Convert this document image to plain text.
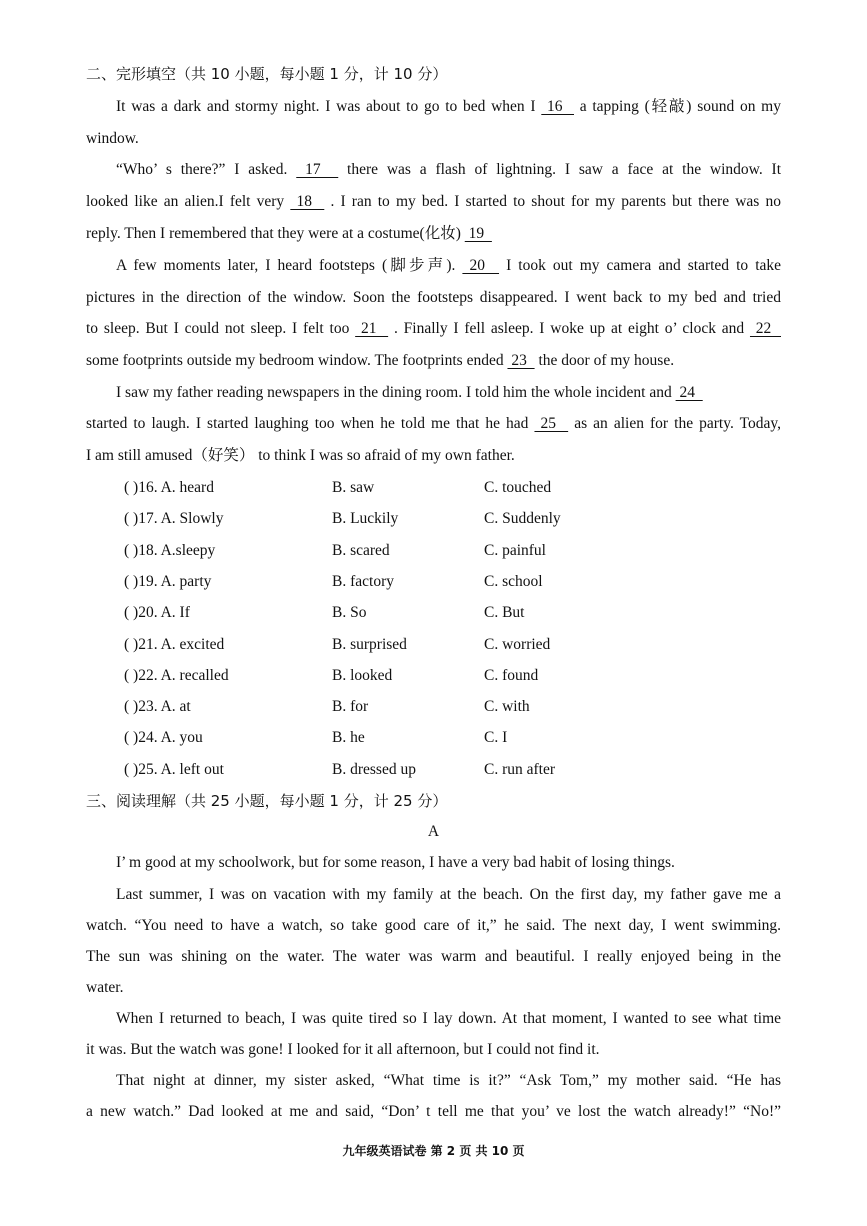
二、完形填空（共 10 小题，每小题 1 分，计 10 分）
It was a dark and stormy night. I was about to go to bed when I  16   a tapping (轻敲) sound on my
window.
“Who’ s there?” I asked.  17   there was a flash of lightning. I saw a face at the window. It
looked like an alien.I felt very  18   . I ran to my bed. I started to shout for my parents but there was no
reply. Then I remembered that they were at a costume(化妆)  19
A few moments later, I heard footsteps (脚步声).  20   I took out my camera and started to take
pictures in the direction of the window. Soon the footsteps disappeared. I went back to my bed and tried
to sleep. But I could not sleep. I felt too  21   . Finally I fell asleep. I woke up at eight o’ clock and  22
some footprints outside my bedroom window. The footprints ended  23   the door of my house.
I saw my father reading newspapers in the dining room. I told him the whole incident and  24
started to laugh. I started laughing too when he told me that he had  25   as an alien for the party. Today,
I am still amused（好笑） to think I was so afraid of my own father.
( )16. A. heard	B. saw	C. touched
( )17. A. Slowly	B. Luckily	C. Suddenly
( )18. A.sleepy	B. scared	C. painful
( )19. A. party	B. factory	C. school
( )20. A. If	B. So	C. But
( )21. A. excited	B. surprised	C. worried
( )22. A. recalled	B. looked	C. found
( )23. A. at	B. for	C. with
( )24. A. you	B. he	C. I
( )25. A. left out	B. dressed up	C. run after
三、阅读理解（共 25 小题，每小题 1 分，计 25 分）
A
I’ m good at my schoolwork, but for some reason, I have a very bad habit of losing things.
Last summer, I was on vacation with my family at the beach. On the first day, my father gave me a
watch. “You need to have a watch, so take good care of it,” he said. The next day, I went swimming.
The sun was shining on the water. The water was warm and beautiful. I really enjoyed being in the
water.
When I returned to beach, I was quite tired so I lay down. At that moment, I wanted to see what time
it was. But the watch was gone! I looked for it all afternoon, but I could not find it.
That night at dinner, my sister asked, “What time is it?” “Ask Tom,” my mother said. “He has
a new watch.” Dad looked at me and said, “Don’ t tell me that you’ ve lost the watch already!” “No!”
九年级英语试卷 第 2 页 共 10 页
